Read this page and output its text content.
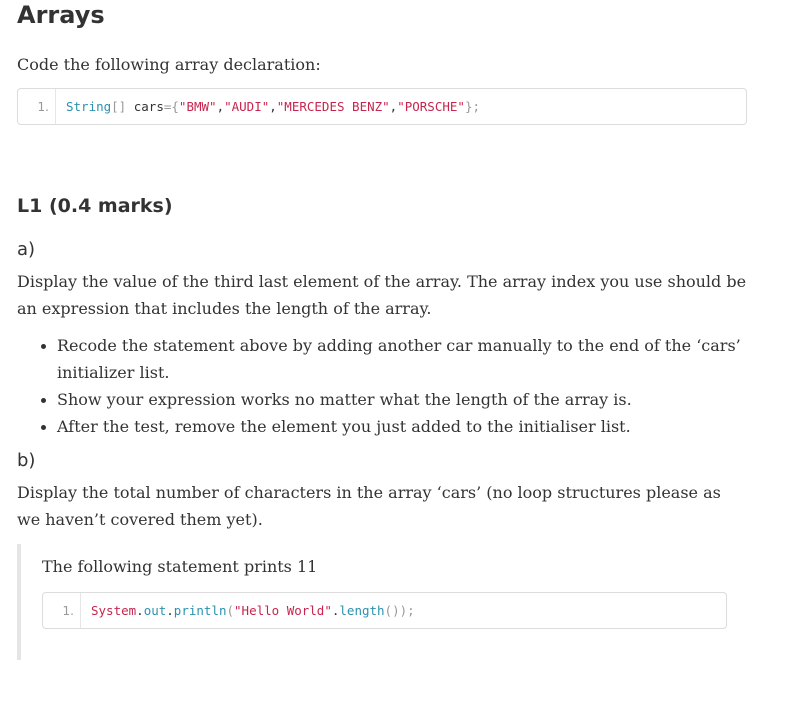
Arrays

Code the following array declaration:

1.	String[] cars={"BMW","AUDI","MERCEDES BENZ","PORSCHE"};
L1 (0.4 marks)
a)

Display the value of the third last element of the array. The array index you use should be an expression that includes the length of the array.

Recode the statement above by adding another car manually to the end of the ‘cars’ initializer list.
Show your expression works no matter what the length of the array is.
After the test, remove the element you just added to the initialiser list.
b)

Display the total number of characters in the array ‘cars’ (no loop structures please as we haven’t covered them yet).

The following statement prints 11

1.	System.out.println("Hello World".length());
